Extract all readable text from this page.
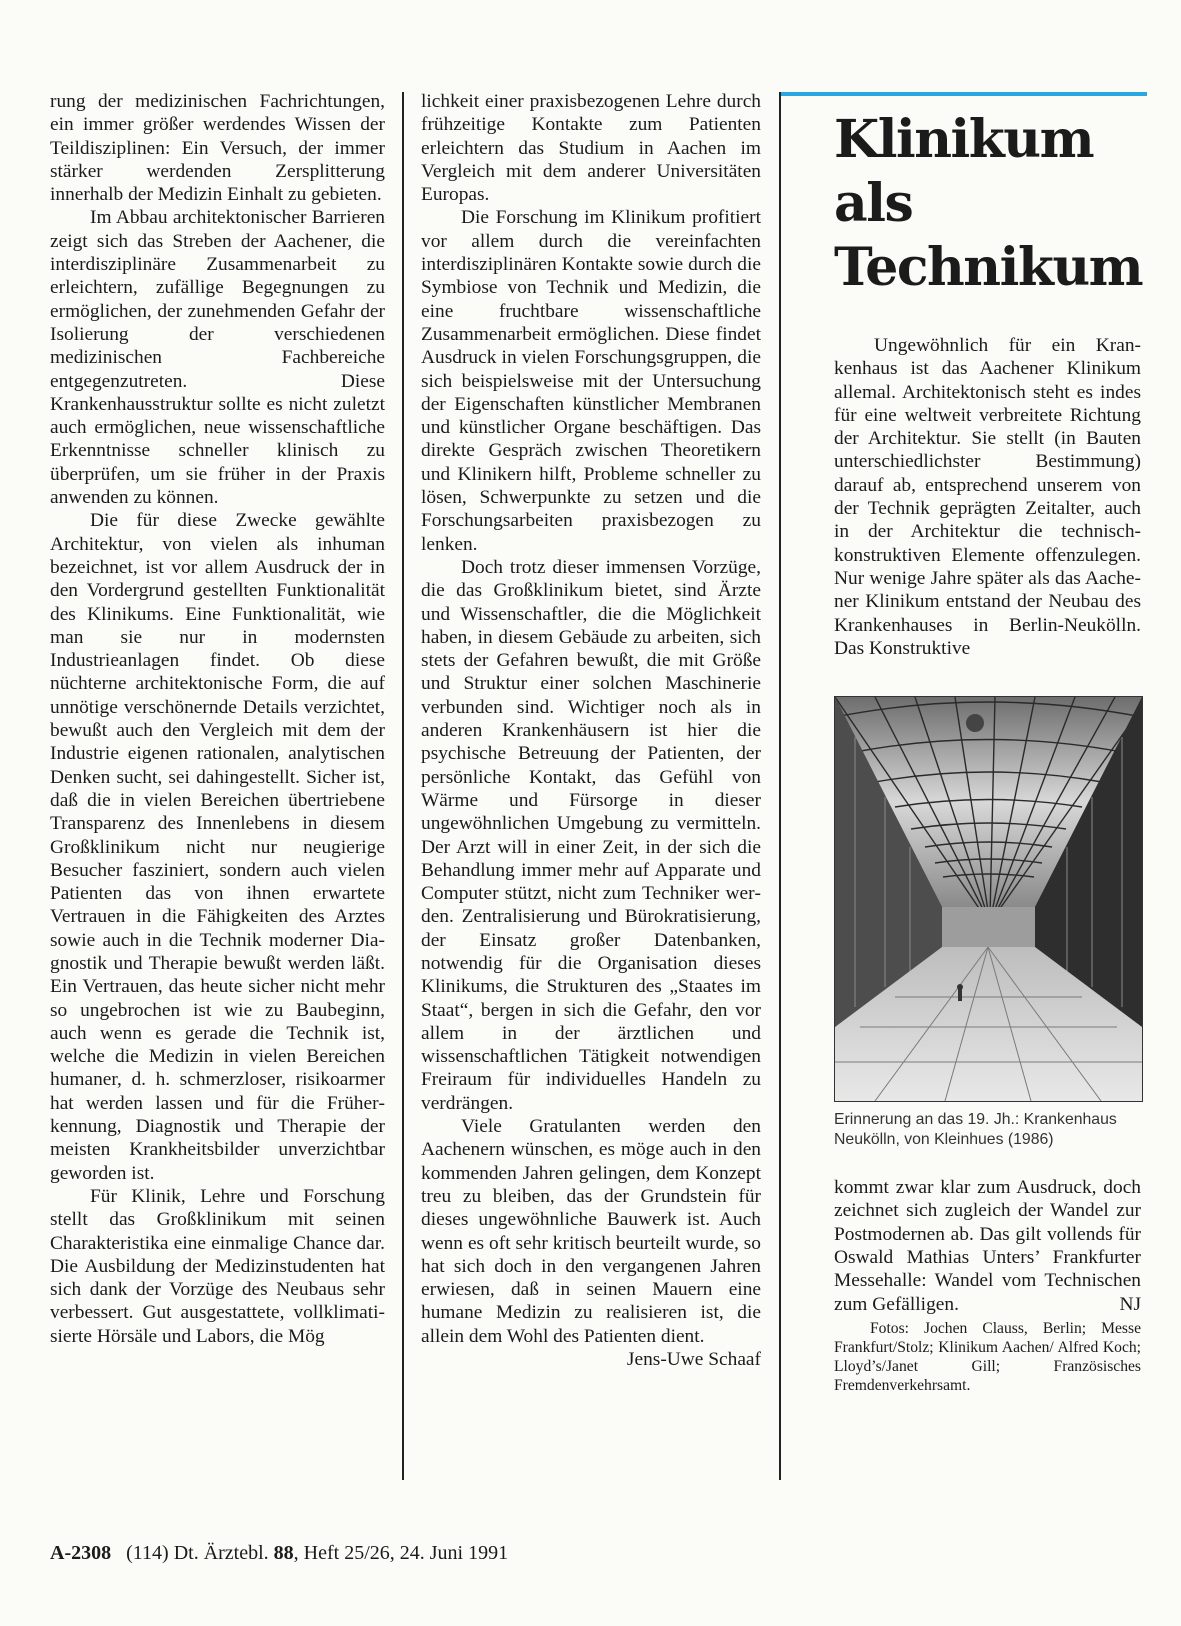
rung der medizinischen Fachrichtungen, ein immer größer werdendes Wissen der Teildisziplinen: Ein Versuch, der immer stärker werdenden Zersplitterung innerhalb der Medizin Einhalt zu gebieten.

Im Abbau architektonischer Barrieren zeigt sich das Streben der Aachener, die interdisziplinäre Zusammenarbeit zu erleichtern, zufällige Begegnungen zu ermöglichen, der zunehmenden Gefahr der Isolierung der verschiedenen medizinischen Fachbereiche entgegenzutreten. Diese Krankenhausstruktur sollte es nicht zuletzt auch ermöglichen, neue wissenschaftliche Erkenntnisse schneller klinisch zu überprüfen, um sie früher in der Praxis anwenden zu können.

Die für diese Zwecke gewählte Architektur, von vielen als inhuman bezeichnet, ist vor allem Ausdruck der in den Vordergrund gestellten Funktionalität des Klinikums. Eine Funktionalität, wie man sie nur in modernsten Industrieanlagen findet. Ob diese nüchterne architektonische Form, die auf unnötige verschönernde Details verzichtet, bewußt auch den Vergleich mit dem der Industrie eigenen rationalen, analytischen Denken sucht, sei dahingestellt. Sicher ist, daß die in vielen Bereichen übertriebene Transparenz des Innenlebens in diesem Großklinikum nicht nur neugierige Besucher fasziniert, sondern auch vielen Patienten das von ihnen erwartete Vertrauen in die Fähigkeiten des Arztes sowie auch in die Technik moderner Diagnostik und Therapie bewußt werden läßt. Ein Vertrauen, das heute sicher nicht mehr so ungebrochen ist wie zu Baubeginn, auch wenn es gerade die Technik ist, welche die Medizin in vielen Bereichen humaner, d. h. schmerzloser, risikoarmer hat werden lassen und für die Früherkennung, Diagnostik und Therapie der meisten Krankheitsbilder unverzichtbar geworden ist.

Für Klinik, Lehre und Forschung stellt das Großklinikum mit seinen Charakteristika eine einmalige Chance dar. Die Ausbildung der Medizinstudenten hat sich dank der Vorzüge des Neubaus sehr verbessert. Gut ausgestattete, vollklimatisierte Hörsäle und Labors, die Mög

lichkeit einer praxisbezogenen Lehre durch frühzeitige Kontakte zum Patienten erleichtern das Studium in Aachen im Vergleich mit dem anderer Universitäten Europas.

Die Forschung im Klinikum profitiert vor allem durch die vereinfachten interdisziplinären Kontakte sowie durch die Symbiose von Technik und Medizin, die eine fruchtbare wissenschaftliche Zusammenarbeit ermöglichen. Diese findet Ausdruck in vielen Forschungsgruppen, die sich beispielsweise mit der Untersuchung der Eigenschaften künstlicher Membranen und künstlicher Organe beschäftigen. Das direkte Gespräch zwischen Theoretikern und Klinikern hilft, Probleme schneller zu lösen, Schwerpunkte zu setzen und die Forschungsarbeiten praxisbezogen zu lenken.

Doch trotz dieser immensen Vorzüge, die das Großklinikum bietet, sind Ärzte und Wissenschaftler, die die Möglichkeit haben, in diesem Gebäude zu arbeiten, sich stets der Gefahren bewußt, die mit Größe und Struktur einer solchen Maschinerie verbunden sind. Wichtiger noch als in anderen Krankenhäusern ist hier die psychische Betreuung der Patienten, der persönliche Kontakt, das Gefühl von Wärme und Fürsorge in dieser ungewöhnlichen Umgebung zu vermitteln. Der Arzt will in einer Zeit, in der sich die Behandlung immer mehr auf Apparate und Computer stützt, nicht zum Techniker werden. Zentralisierung und Bürokratisierung, der Einsatz großer Datenbanken, notwendig für die Organisation dieses Klinikums, die Strukturen des „Staates im Staat“, bergen in sich die Gefahr, den vor allem in der ärztlichen und wissenschaftlichen Tätigkeit notwendigen Freiraum für individuelles Handeln zu verdrängen.

Viele Gratulanten werden den Aachenern wünschen, es möge auch in den kommenden Jahren gelingen, dem Konzept treu zu bleiben, das der Grundstein für dieses ungewöhnliche Bauwerk ist. Auch wenn es oft sehr kritisch beurteilt wurde, so hat sich doch in den vergangenen Jahren erwiesen, daß in seinen Mauern eine humane Medizin zu realisieren ist, die allein dem Wohl des Patienten dient.
Jens-Uwe Schaaf

Klinikum
als
Technikum

Ungewöhnlich für ein Krankenhaus ist das Aachener Klinikum allemal. Architektonisch steht es indes für eine weltweit verbreitete Richtung der Architektur. Sie stellt (in Bauten unterschiedlichster Bestimmung) darauf ab, entsprechend unserem von der Technik geprägten Zeitalter, auch in der Architektur die technisch-konstruktiven Elemente offenzulegen. Nur wenige Jahre später als das Aachener Klinikum entstand der Neubau des Krankenhauses in Berlin-Neukölln. Das Konstruktive

Erinnerung an das 19. Jh.: Krankenhaus Neukölln, von Kleinhues (1986)

kommt zwar klar zum Ausdruck, doch zeichnet sich zugleich der Wandel zur Postmodernen ab. Das gilt vollends für Oswald Mathias Unters’ Frankfurter Messehalle: Wandel vom Technischen zum Gefälligen.	NJ

Fotos: Jochen Clauss, Berlin; Messe Frankfurt/Stolz; Klinikum Aachen/ Alfred Koch; Lloyd’s/Janet Gill; Französisches Fremdenverkehrsamt.
A-2308 (114) Dt. Ärztebl. 88, Heft 25/26, 24. Juni 1991
